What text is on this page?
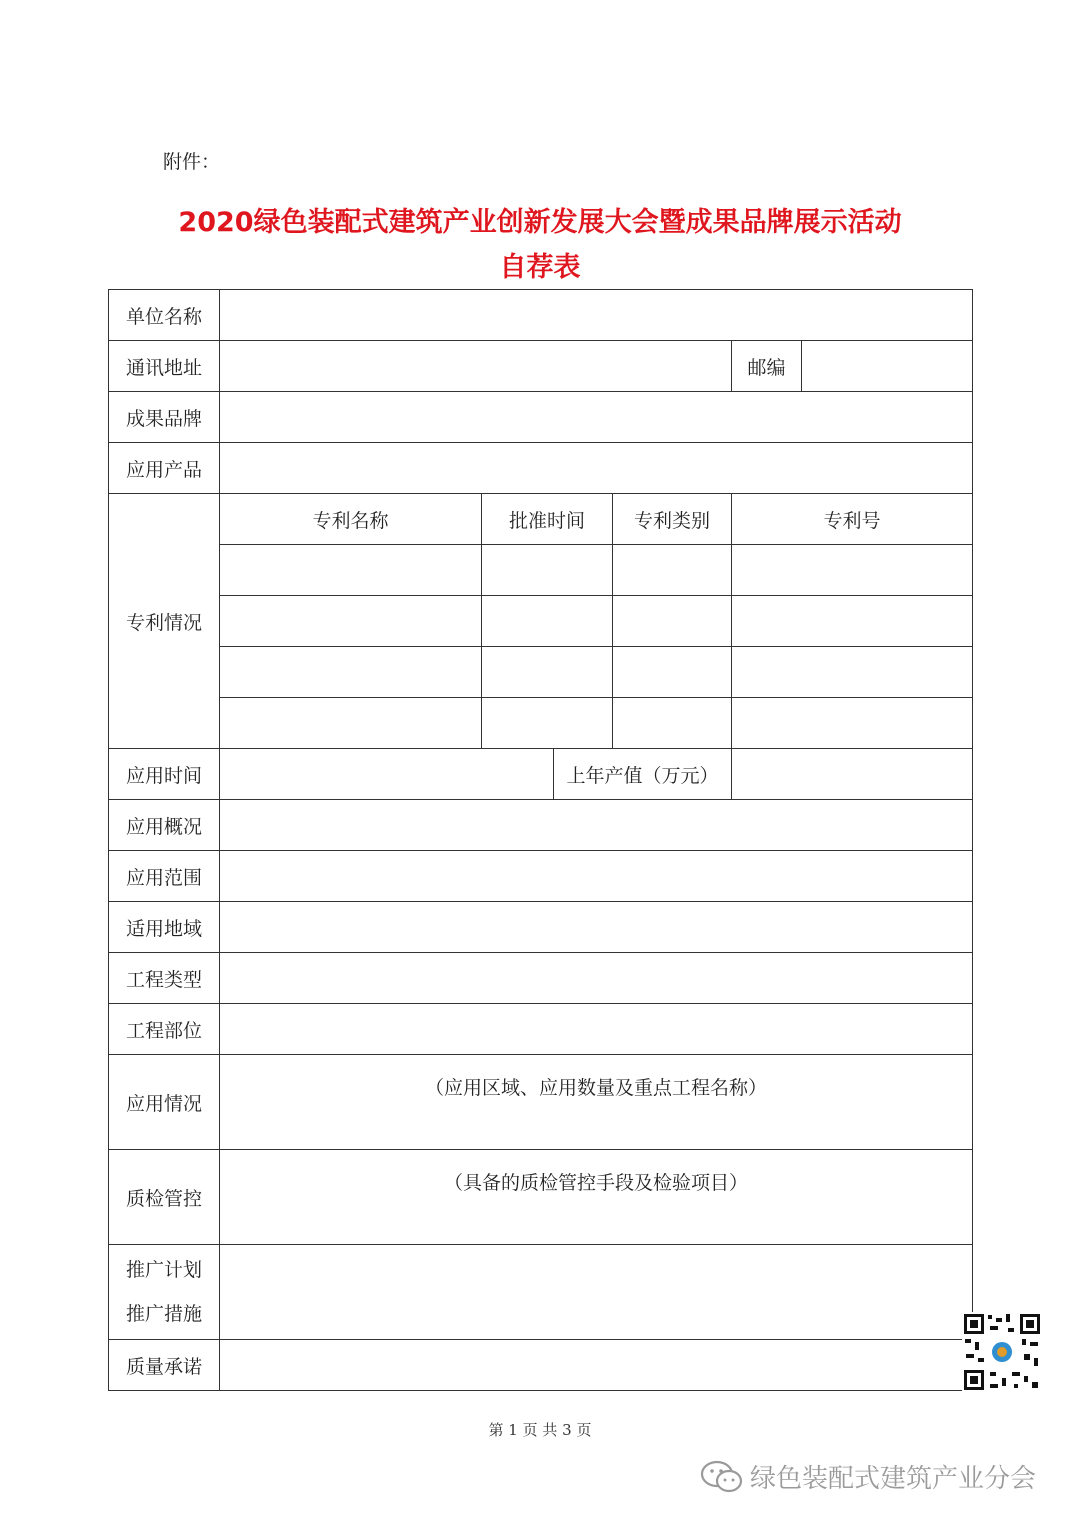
附件：
2020绿色装配式建筑产业创新发展大会暨成果品牌展示活动
自荐表
单位名称						
通讯地址					邮编	
成果品牌						
应用产品						
专利情况	专利名称	批准时间		专利类别	专利号	

应用时间			上年产值（万元）			
应用概况						
应用范围						
适用地域						
工程类型						
工程部位						
应用情况	（应用区域、应用数量及重点工程名称）					
质检管控	（具备的质检管控手段及检验项目）					

推广计划
推广措施						

质量承诺						
第 1 页 共 3 页
绿色装配式建筑产业分会
